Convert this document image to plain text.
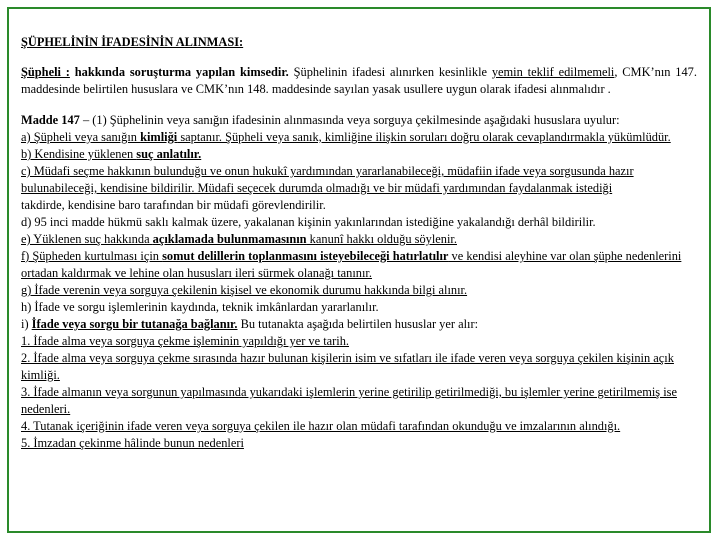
ŞÜPHELİNİN İFADESİNİN ALINMASI:

Şüpheli : hakkında soruşturma yapılan kimsedir. Şüphelinin ifadesi alınırken kesinlikle yemin teklif edilmemeli, CMK’nın 147. maddesinde belirtilen hususlara ve CMK’nın 148. maddesinde sayılan yasak usullere uygun olarak ifadesi alınmalıdır .

Madde 147 – (1) Şüphelinin veya sanığın ifadesinin alınmasında veya sorguya çekilmesinde aşağıdaki hususlara uyulur:

a) Şüpheli veya sanığın kimliği saptanır. Şüpheli veya sanık, kimliğine ilişkin soruları doğru olarak cevaplandırmakla yükümlüdür.

b) Kendisine yüklenen suç anlatılır.

c) Müdafi seçme hakkının bulunduğu ve onun hukukî yardımından yararlanabileceği, müdafiin ifade veya sorgusunda hazır bulunabileceği, kendisine bildirilir. Müdafi seçecek durumda olmadığı ve bir müdafi yardımından faydalanmak istediği

takdirde, kendisine baro tarafından bir müdafi görevlendirilir.

d) 95 inci madde hükmü saklı kalmak üzere, yakalanan kişinin yakınlarından istediğine yakalandığı derhâl bildirilir.

e) Yüklenen suç hakkında açıklamada bulunmamasının kanunî hakkı olduğu söylenir.

f) Şüpheden kurtulması için somut delillerin toplanmasını isteyebileceği hatırlatılır ve kendisi aleyhine var olan şüphe nedenlerini ortadan kaldırmak ve lehine olan hususları ileri sürmek olanağı tanınır.

g) İfade verenin veya sorguya çekilenin kişisel ve ekonomik durumu hakkında bilgi alınır.

h) İfade ve sorgu işlemlerinin kaydında, teknik imkânlardan yararlanılır.

i) İfade veya sorgu bir tutanağa bağlanır. Bu tutanakta aşağıda belirtilen hususlar yer alır:

1. İfade alma veya sorguya çekme işleminin yapıldığı yer ve tarih.

2. İfade alma veya sorguya çekme sırasında hazır bulunan kişilerin isim ve sıfatları ile ifade veren veya sorguya çekilen kişinin açık kimliği.

3. İfade almanın veya sorgunun yapılmasında yukarıdaki işlemlerin yerine getirilip getirilmediği, bu işlemler yerine getirilmemiş ise nedenleri.

4. Tutanak içeriğinin ifade veren veya sorguya çekilen ile hazır olan müdafi tarafından okunduğu ve imzalarının alındığı.

5. İmzadan çekinme hâlinde bunun nedenleri
